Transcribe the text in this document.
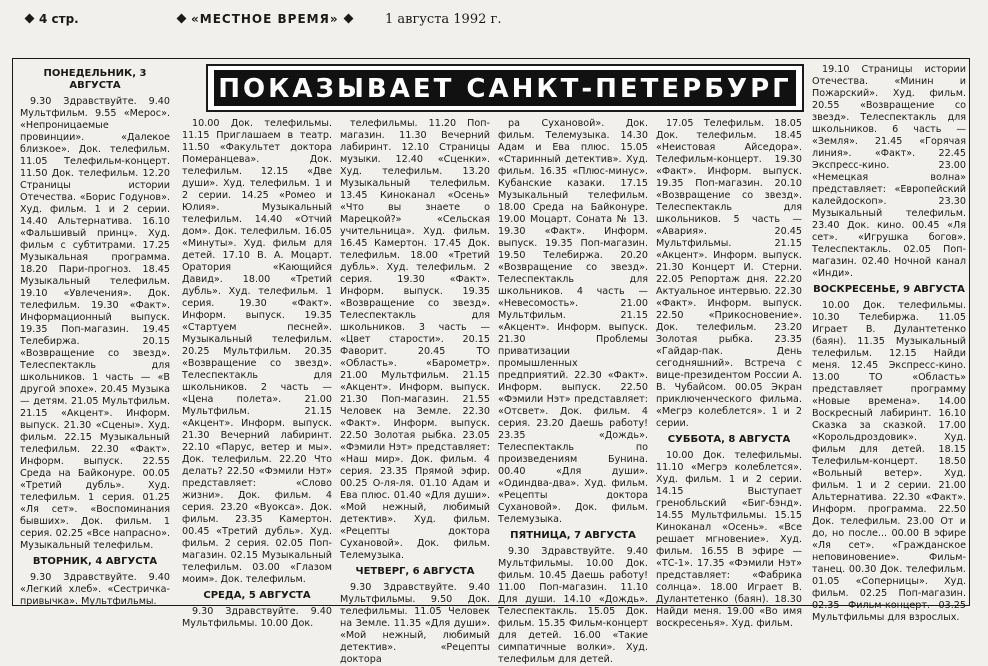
4 стр.	«МЕСТНОЕ ВРЕМЯ»	1 августа 1992 г.
ПОКАЗЫВАЕТ САНКТ-ПЕТЕРБУРГ

ПОНЕДЕЛЬНИК, 3 АВГУСТА

9.30 Здравствуйте. 9.40 Мультфильм. 9.55 «Мерос». «Непроницаемые провинции». «Далекое близкое». Док. телефильм. 11.05 Телефильм-концерт. 11.50 Док. телефильм. 12.20 Страницы истории Отечества. «Борис Годунов». Худ. фильм. 1 и 2 серии. 14.40 Альтернатива. 16.10 «Фальшивый принц». Худ. фильм с субтитрами. 17.25 Музыкальная программа. 18.20 Пари-прогноз. 18.45 Музыкальный телефильм. 19.10 «Увлечения». Док. телефильм. 19.30 «Факт». Информационный выпуск. 19.35 Поп-магазин. 19.45 Телебиржа. 20.15 «Возвращение со звезд». Телеспектакль для школьников. 1 часть — «В другой эпохе». 20.45 Музыка — детям. 21.05 Мультфильм. 21.15 «Акцент». Информ. выпуск. 21.30 «Сцены». Худ. фильм. 22.15 Музыкальный телефильм. 22.30 «Факт». Информ. выпуск. 22.55 Среда на Байконуре. 00.05 «Третий дубль». Худ. телефильм. 1 серия. 01.25 «Ля сет». «Воспоминания бывших». Док. фильм. 1 серия. 02.25 «Все напрасно». Музыкальный телефильм.

ВТОРНИК, 4 АВГУСТА

9.30 Здравствуйте. 9.40 «Легкий хлеб». «Сестричка-привычка». Мультфильмы.

10.00 Док. телефильмы. 11.15 Приглашаем в театр. 11.50 «Факультет доктора Померанцева». Док. телефильм. 12.15 «Две души». Худ. телефильм. 1 и 2 серии. 14.25 «Ромео и Юлия». Музыкальный телефильм. 14.40 «Отчий дом». Док. телефильм. 16.05 «Минуты». Худ. фильм для детей. 17.10 В. А. Моцарт. Оратория «Кающийся Давид». 18.00 «Третий дубль». Худ. телефильм. 1 серия. 19.30 «Факт». Информ. выпуск. 19.35 «Стартуем песней». Музыкальный телефильм. 20.25 Мультфильм. 20.35 «Возвращение со звезд». Телеспектакль для школьников. 2 часть — «Цена полета». 21.00 Мультфильм. 21.15 «Акцент». Информ. выпуск. 21.30 Вечерний лабиринт. 22.10 «Парус, ветер и мы». Док. телефильм. 22.20 Что делать? 22.50 «Фэмили Нэт» представляет: «Слово жизни». Док. фильм. 4 серия. 23.20 «Вуокса». Док. фильм. 23.35 Камертон. 00.45 «Третий дубль». Худ. фильм. 2 серия. 02.05 Поп-магазин. 02.15 Музыкальный телефильм. 03.00 «Глазом моим». Док. телефильм.

СРЕДА, 5 АВГУСТА

9.30 Здравствуйте. 9.40 Мультфильмы. 10.00 Док.

телефильмы. 11.20 Поп-магазин. 11.30 Вечерний лабиринт. 12.10 Страницы музыки. 12.40 «Сценки». Худ. телефильм. 13.20 Музыкальный телефильм. 13.45 Киноканал «Осень» «Что вы знаете о Марецкой?» «Сельская учительница». Худ. фильм. 16.45 Камертон. 17.45 Док. телефильм. 18.00 «Третий дубль». Худ. телефильм. 2 серия. 19.30 «Факт». Информ. выпуск. 19.35 «Возвращение со звезд». Телеспектакль для школьников. 3 часть — «Цвет старости». 20.15 Фаворит. 20.45 ТО «Область». «Барометр». 21.00 Мультфильм. 21.15 «Акцент». Информ. выпуск. 21.30 Поп-магазин. 21.55 Человек на Земле. 22.30 «Факт». Информ. выпуск. 22.50 Золотая рыбка. 23.05 «Фэмили Нэт» представляет: «Наш мир». Док. фильм. 4 серия. 23.35 Прямой эфир. 00.25 О-ля-ля. 01.10 Адам и Ева плюс. 01.40 «Для души». «Мой нежный, любимый детектив». Худ. фильм. «Рецепты доктора Сухановой». Док. фильм. Телемузыка.

ЧЕТВЕРГ, 6 АВГУСТА

9.30 Здравствуйте. 9.40 Мультфильмы. 9.50 Док. телефильмы. 11.05 Человек на Земле. 11.35 «Для души». «Мой нежный, любимый детектив». «Рецепты доктора

ра Сухановой». Док. фильм. Телемузыка. 14.30 Адам и Ева плюс. 15.05 «Старинный детектив». Худ. фильм. 16.35 «Плюс-минус». Кубанские казаки. 17.15 Музыкальный телефильм. 18.00 Среда на Байконуре. 19.00 Моцарт. Соната № 13. 19.30 «Факт». Информ. выпуск. 19.35 Поп-магазин. 19.50 Телебиржа. 20.20 «Возвращение со звезд». Телеспектакль для школьников. 4 часть — «Невесомость». 21.00 Мультфильм. 21.15 «Акцент». Информ. выпуск. 21.30 Проблемы приватизации промышленных предприятий. 22.30 «Факт». Информ. выпуск. 22.50 «Фэмили Нэт» представляет: «Отсвет». Док. фильм. 4 серия. 23.20 Даешь работу! 23.35 «Дождь». Телеспектакль по произведениям Бунина. 00.40 «Для души». «Одиндва-два». Худ. фильм. «Рецепты доктора Сухановой». Док. фильм. Телемузыка.

ПЯТНИЦА, 7 АВГУСТА

9.30 Здравствуйте. 9.40 Мультфильмы. 10.00 Док. фильм. 10.45 Даешь работу! 11.00 Поп-магазин. 11.10 Для души. 14.10 «Дождь». Телеспектакль. 15.05 Док. фильм. 15.35 Фильм-концерт для детей. 16.00 «Такие симпатичные волки». Худ. телефильм для детей.

17.05 Телефильм. 18.05 Док. телефильм. 18.45 «Неистовая Айседора». Телефильм-концерт. 19.30 «Факт». Информ. выпуск. 19.35 Поп-магазин. 20.10 «Возвращение со звезд». Телеспектакль для школьников. 5 часть — «Авария». 20.45 Мультфильмы. 21.15 «Акцент». Информ. выпуск. 21.30 Концерт И. Стерни. 22.05 Репортаж дня. 22.20 Актуальное интервью. 22.30 «Факт». Информ. выпуск. 22.50 «Прикосновение». Док. телефильм. 23.20 Золотая рыбка. 23.35 «Гайдар-пак. День сегодняшний». Встреча с вице-президентом России А. В. Чубайсом. 00.05 Экран приключенческого фильма. «Мегрэ колеблется». 1 и 2 серии.

СУББОТА, 8 АВГУСТА

10.00 Док. телефильмы. 11.10 «Мегрэ колеблется». Худ. фильм. 1 и 2 серии. 14.15 Выступает гренобльский «Биг-бэнд». 14.55 Мультфильмы. 15.15 Киноканал «Осень». «Все решает мгновение». Худ. фильм. 16.55 В эфире — «ТС-1». 17.35 «Фэмили Нэт» представляет: «Фабрика солнца». 18.00 Играет В. Дулантетенко (баян). 18.30 Найди меня. 19.00 «Во имя воскресенья». Худ. фильм.

19.10 Страницы истории Отечества. «Минин и Пожарский». Худ. фильм. 20.55 «Возвращение со звезд». Телеспектакль для школьников. 6 часть — «Земля». 21.45 «Горячая линия». «Факт». 22.45 Экспресс-кино. 23.00 «Немецкая волна» представляет: «Европейский калейдоскоп». 23.30 Музыкальный телефильм. 23.40 Док. кино. 00.45 «Ля сет». «Игрушка богов». Телеспектакль. 02.05 Поп-магазин. 02.40 Ночной канал «Инди».

ВОСКРЕСЕНЬЕ, 9 АВГУСТА

10.00 Док. телефильмы. 10.30 Телебиржа. 11.05 Играет В. Дулантетенко (баян). 11.35 Музыкальный телефильм. 12.15 Найди меня. 12.45 Экспресс-кино. 13.00 ТО «Область» представляет программу «Новые времена». 14.00 Воскресный лабиринт. 16.10 Сказка за сказкой. 17.00 «Корольдроздовик». Худ. фильм для детей. 18.15 Телефильм-концерт. 18.50 «Вольный ветер». Худ. фильм. 1 и 2 серии. 21.00 Альтернатива. 22.30 «Факт». Информ. программа. 22.50 Док. телефильм. 23.00 От и до, но после... 00.00 В эфире «Ля сет». «Гражданское неповиновение». Фильм-танец. 00.30 Док. телефильм. 01.05 «Соперницы». Худ. фильм. 02.25 Поп-магазин. 02.35 Фильм-концерт. 03.25 Мультфильмы для взрослых.
